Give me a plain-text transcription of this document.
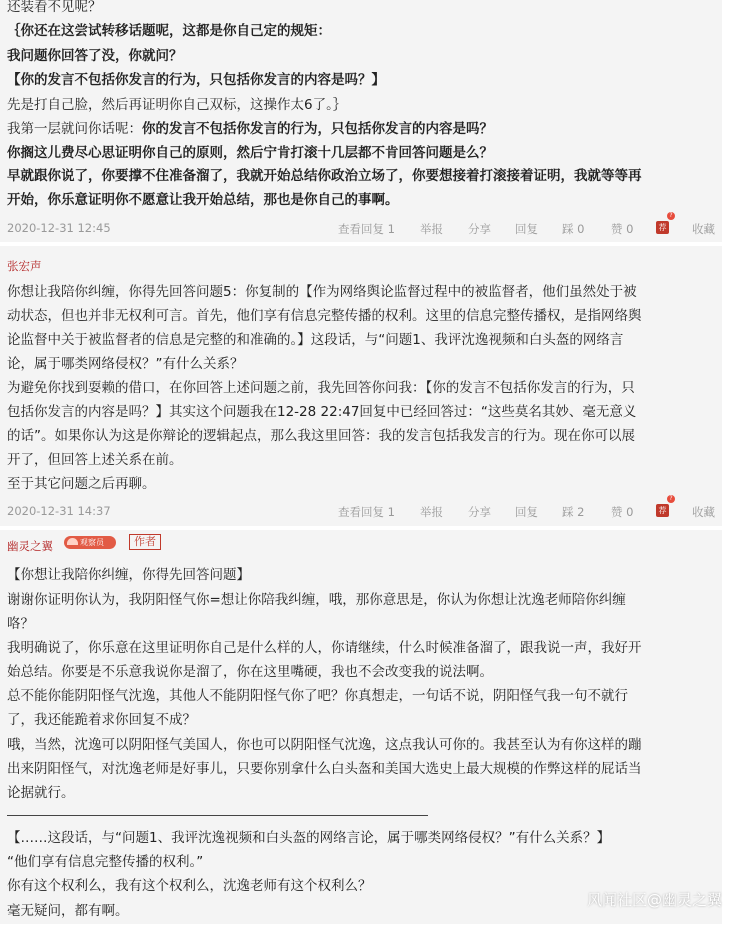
还装看不见呢？
｛你还在这尝试转移话题呢，这都是你自己定的规矩：
我问题你回答了没，你就问？
【你的发言不包括你发言的行为，只包括你发言的内容是吗？】
先是打自己脸，然后再证明你自己双标，这操作太6了。｝
我第一层就问你话呢：你的发言不包括你发言的行为，只包括你发言的内容是吗？
你搁这儿费尽心思证明你自己的原则，然后宁肯打滚十几层都不肯回答问题是么？
早就跟你说了，你要撑不住准备溜了，我就开始总结你政治立场了，你要想接着打滚接着证明，我就等等再
开始，你乐意证明你不愿意让我开始总结，那也是你自己的事啊。
2020-12-31 12:45	查看回复 1 举报 分享 回复 踩 0 赞 0	荐
?
收藏
张宏声
你想让我陪你纠缠，你得先回答问题5：你复制的【作为网络舆论监督过程中的被监督者，他们虽然处于被
动状态，但也并非无权利可言。首先，他们享有信息完整传播的权利。这里的信息完整传播权，是指网络舆
论监督中关于被监督者的信息是完整的和准确的。】这段话，与“问题1、我评沈逸视频和白头盔的网络言
论，属于哪类网络侵权？”有什么关系？
为避免你找到耍赖的借口，在你回答上述问题之前，我先回答你问我：【你的发言不包括你发言的行为，只
包括你发言的内容是吗？】其实这个问题我在12-28 22:47回复中已经回答过：“这些莫名其妙、毫无意义
的话”。如果你认为这是你辩论的逻辑起点，那么我这里回答：我的发言包括我发言的行为。现在你可以展
开了，但回答上述关系在前。
至于其它问题之后再聊。
2020-12-31 14:37	查看回复 1 举报 分享 回复 踩 2 赞 0	荐
?
收藏
幽灵之翼	观察员	作者
【你想让我陪你纠缠，你得先回答问题】
谢谢你证明你认为，我阴阳怪气你=想让你陪我纠缠，哦，那你意思是，你认为你想让沈逸老师陪你纠缠
咯？
我明确说了，你乐意在这里证明你自己是什么样的人，你请继续，什么时候准备溜了，跟我说一声，我好开
始总结。你要是不乐意我说你是溜了，你在这里嘴硬，我也不会改变我的说法啊。
总不能你能阴阳怪气沈逸，其他人不能阴阳怪气你了吧？你真想走，一句话不说，阴阳怪气我一句不就行
了，我还能跪着求你回复不成？
哦，当然，沈逸可以阴阳怪气美国人，你也可以阴阳怪气沈逸，这点我认可你的。我甚至认为有你这样的蹦
出来阴阳怪气，对沈逸老师是好事儿，只要你别拿什么白头盔和美国大选史上最大规模的作弊这样的屁话当
论据就行。
【……这段话，与“问题1、我评沈逸视频和白头盔的网络言论，属于哪类网络侵权？”有什么关系？】
“他们享有信息完整传播的权利。”
你有这个权利么，我有这个权利么，沈逸老师有这个权利么？
毫无疑问，都有啊。
风闻社区@幽灵之翼
